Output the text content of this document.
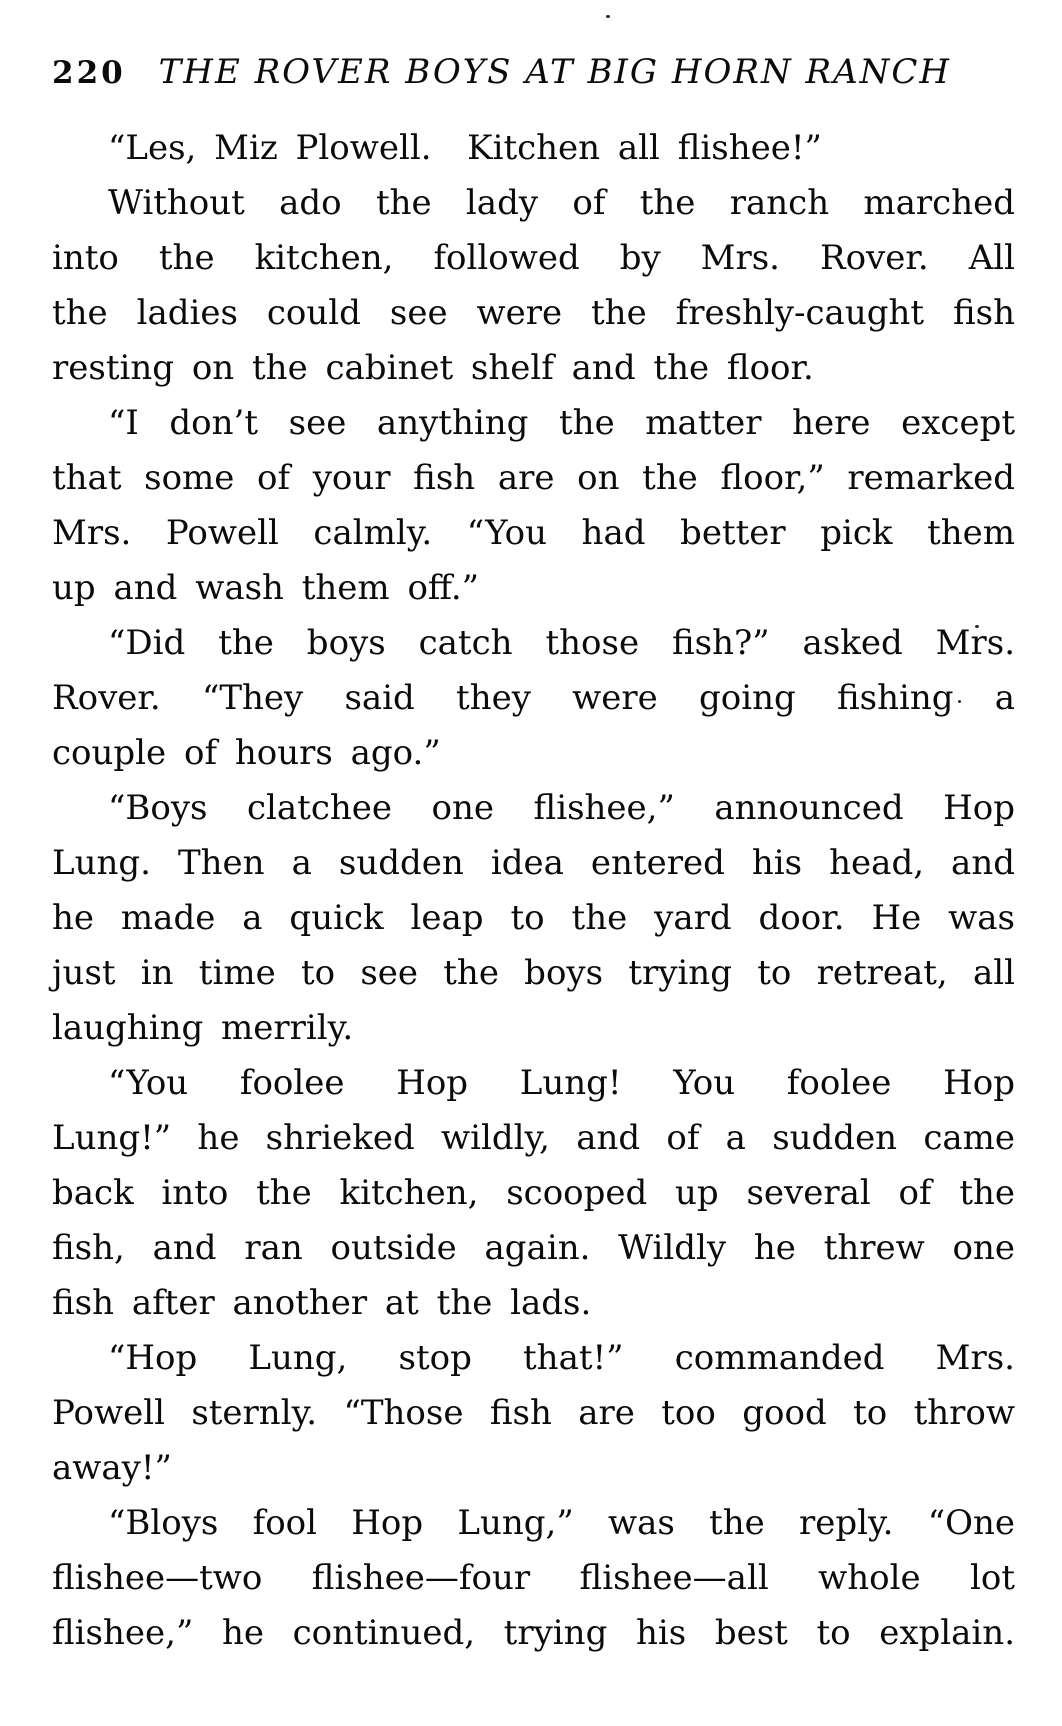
220 THE ROVER BOYS AT BIG HORN RANCH
“Les, Miz Plowell.  Kitchen all flishee!”
Without ado the lady of the ranch marched
into the kitchen, followed by Mrs. Rover. All
the ladies could see were the freshly-caught fish
resting on the cabinet shelf and the floor.
“I don’t see anything the matter here except
that some of your fish are on the floor,” remarked
Mrs. Powell calmly. “You had better pick them
up and wash them off.”
“Did the boys catch those fish?” asked Mrs.
Rover. “They said they were going fishing a
couple of hours ago.”
“Boys clatchee one flishee,” announced Hop
Lung. Then a sudden idea entered his head, and
he made a quick leap to the yard door. He was
just in time to see the boys trying to retreat, all
laughing merrily.
“You foolee Hop Lung! You foolee Hop
Lung!” he shrieked wildly, and of a sudden came
back into the kitchen, scooped up several of the
fish, and ran outside again. Wildly he threw one
fish after another at the lads.
“Hop Lung, stop that!” commanded Mrs.
Powell sternly. “Those fish are too good to throw
away!”
“Bloys fool Hop Lung,” was the reply. “One
flishee—two flishee—four flishee—all whole lot
flishee,” he continued, trying his best to explain.
